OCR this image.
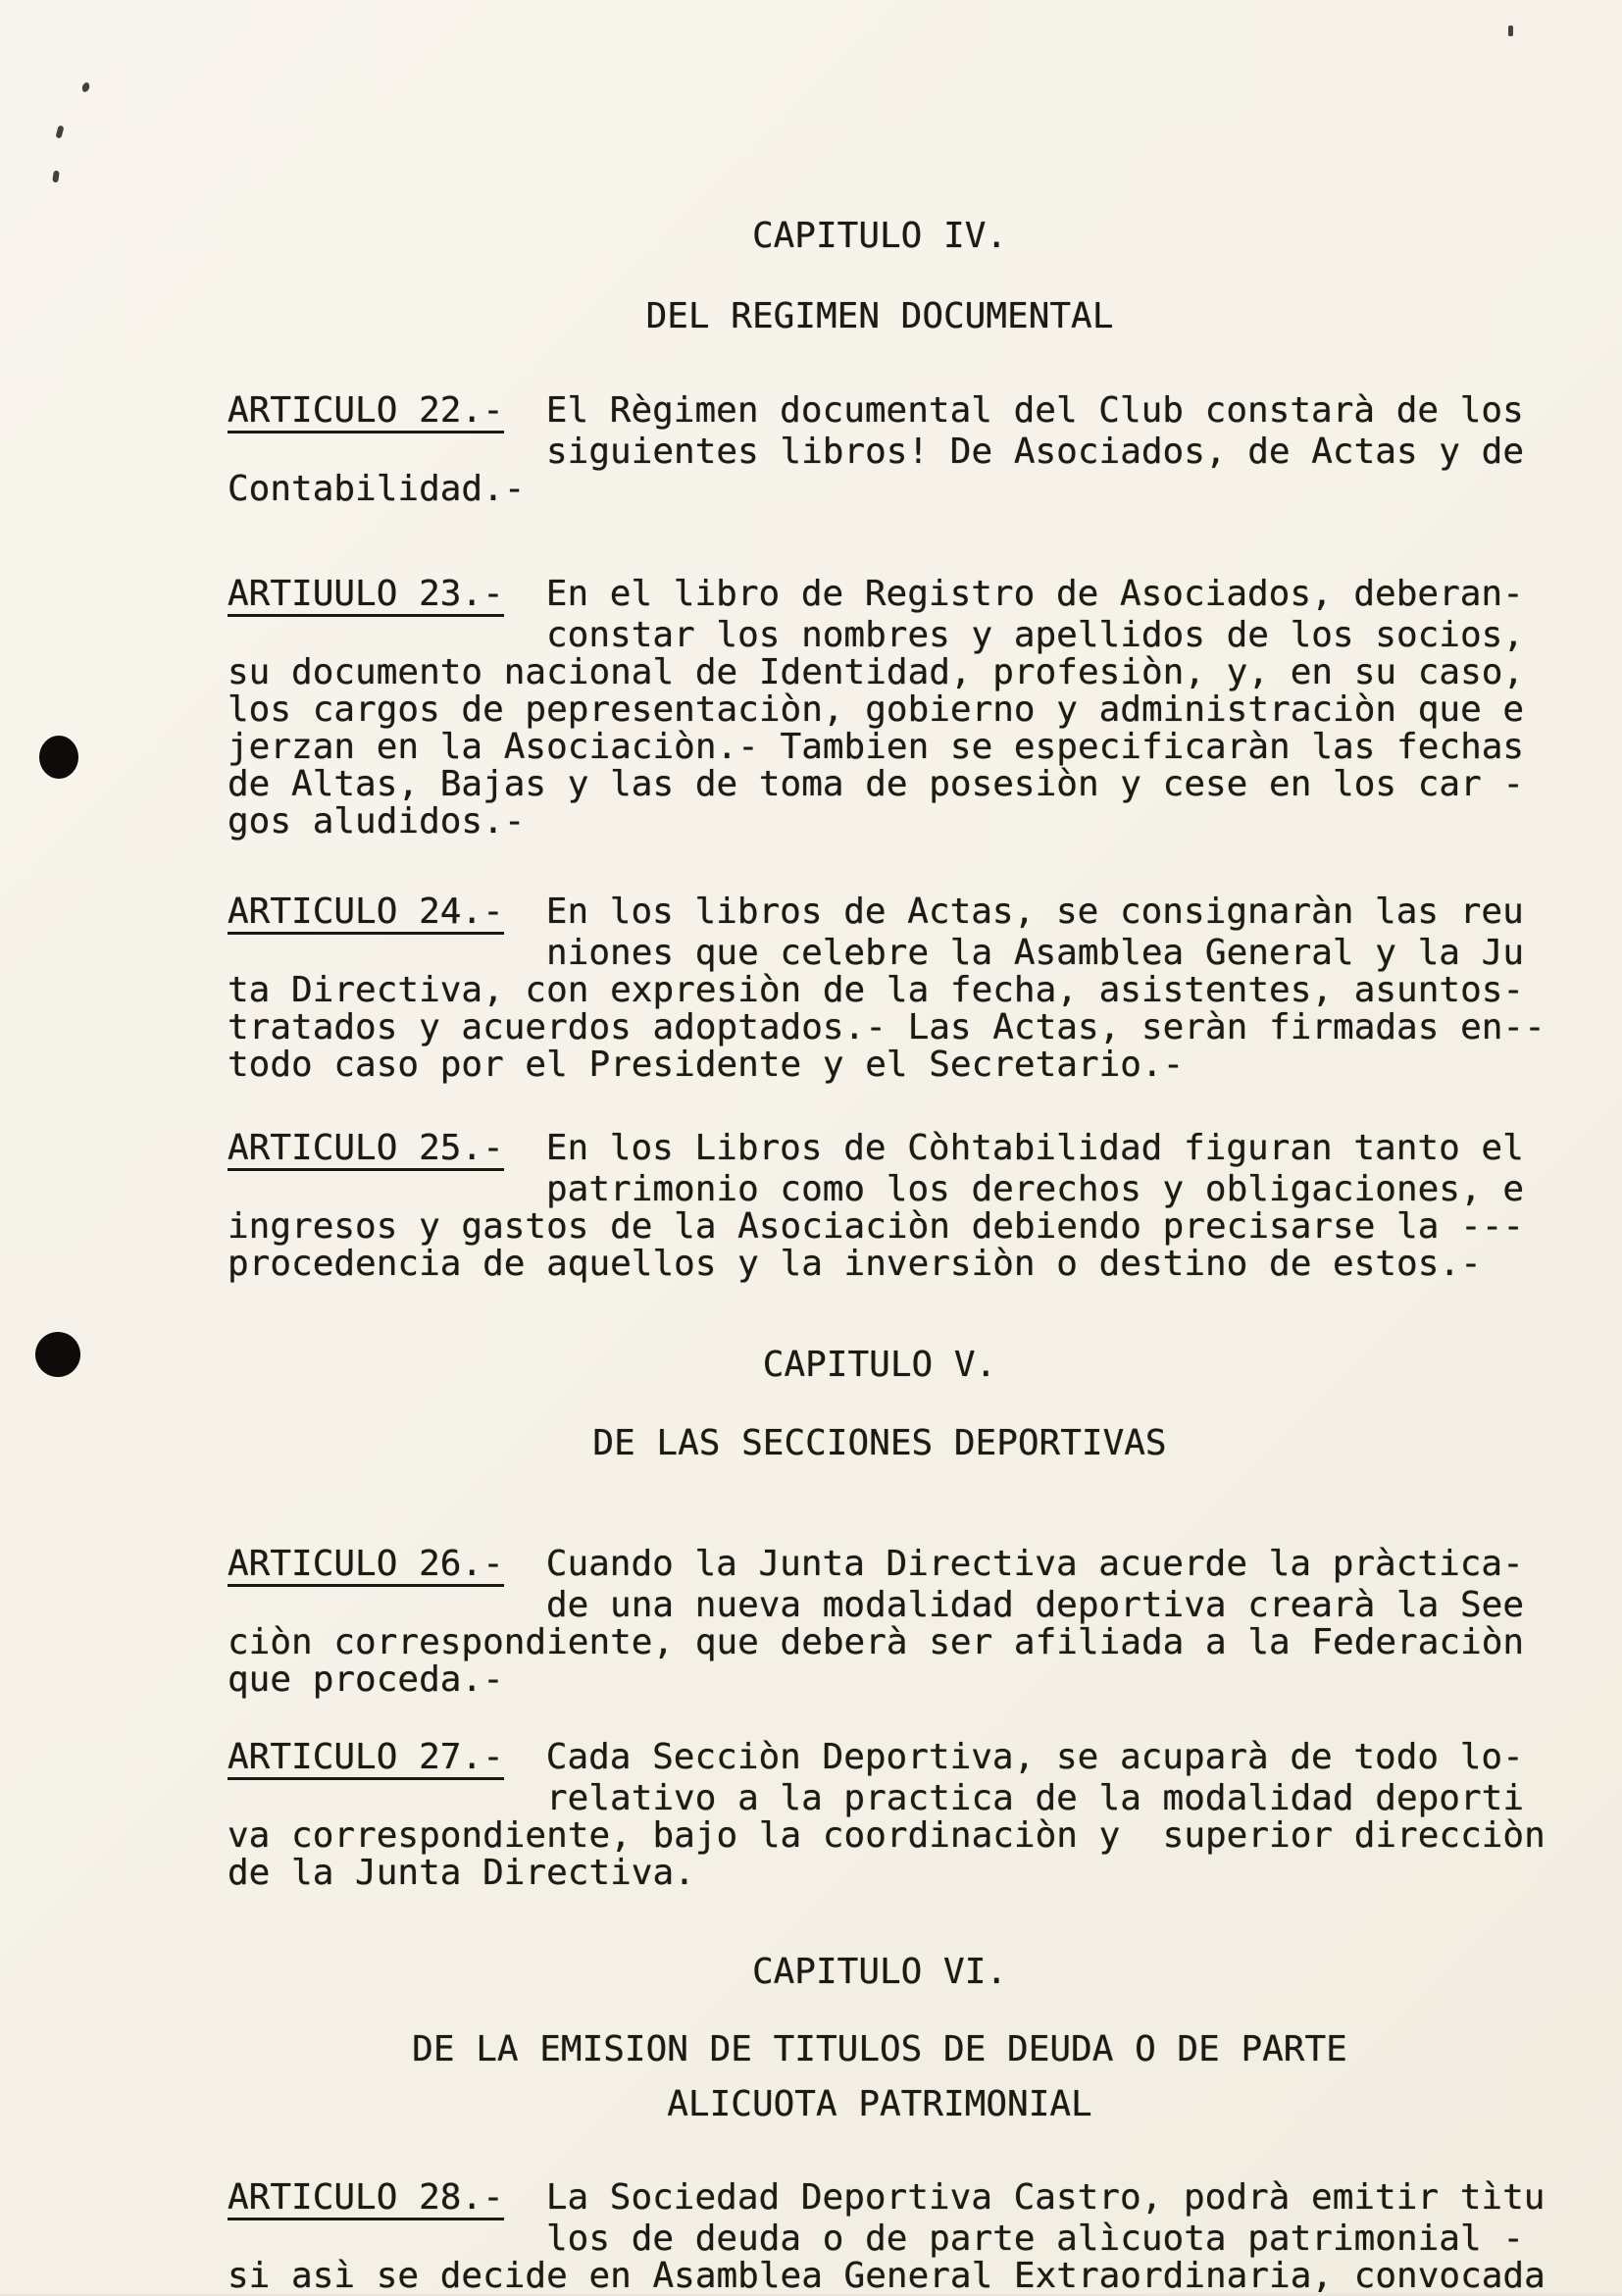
CAPITULO IV.
DEL REGIMEN DOCUMENTAL
ARTICULO 22.- El Règimen documental del Club constarà de los
siguientes libros! De Asociados, de Actas y de
Contabilidad.-
ARTIUULO 23.- En el libro de Registro de Asociados, deberan-
constar los nombres y apellidos de los socios,
su documento nacional de Identidad, profesiòn, y, en su caso,
los cargos de pepresentaciòn, gobierno y administraciòn que e
jerzan en la Asociaciòn.- Tambien se especificaràn las fechas
de Altas, Bajas y las de toma de posesiòn y cese en los car -
gos aludidos.-
ARTICULO 24.- En los libros de Actas, se consignaràn las reu
niones que celebre la Asamblea General y la Ju
ta Directiva, con expresiòn de la fecha, asistentes, asuntos-
tratados y acuerdos adoptados.- Las Actas, seràn firmadas en--
todo caso por el Presidente y el Secretario.-
ARTICULO 25.- En los Libros de Còhtabilidad figuran tanto el
patrimonio como los derechos y obligaciones, e
ingresos y gastos de la Asociaciòn debiendo precisarse la ---
procedencia de aquellos y la inversiòn o destino de estos.-
CAPITULO V.
DE LAS SECCIONES DEPORTIVAS
ARTICULO 26.- Cuando la Junta Directiva acuerde la pràctica-
de una nueva modalidad deportiva crearà la See
ciòn correspondiente, que deberà ser afiliada a la Federaciòn
que proceda.-
ARTICULO 27.- Cada Secciòn Deportiva, se acuparà de todo lo-
relativo a la practica de la modalidad deporti
va correspondiente, bajo la coordinaciòn y  superior direcciòn
de la Junta Directiva.
CAPITULO VI.
DE LA EMISION DE TITULOS DE DEUDA O DE PARTE
ALICUOTA PATRIMONIAL
ARTICULO 28.- La Sociedad Deportiva Castro, podrà emitir tìtu
los de deuda o de parte alìcuota patrimonial -
si asì se decide en Asamblea General Extraordinaria, convocada
